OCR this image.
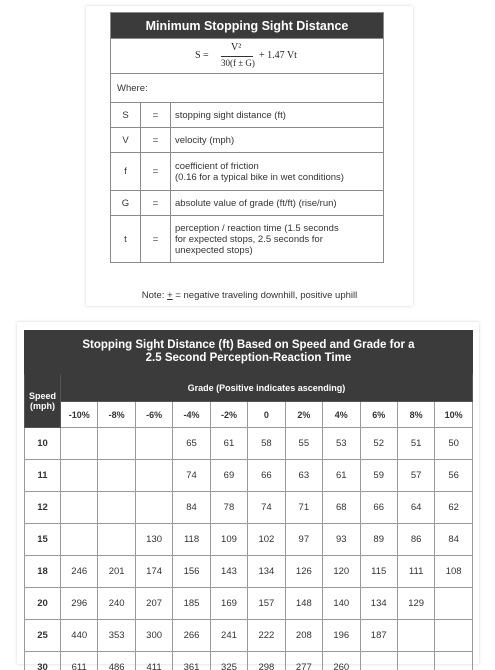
Minimum Stopping Sight Distance		

S =
V²
30(f ± G)
+ 1.47 Vt		

Where:		
S	=	stopping sight distance (ft)

V	=	velocity (mph)

f	=	coefficient of friction
(0.16 for a typical bike in wet conditions)

G	=	absolute value of grade (ft/ft) (rise/run)

t	=	perception / reaction time (1.5 seconds
for expected stops, 2.5 seconds for
unexpected stops)
Note: + = negative traveling downhill, positive uphill
Stopping Sight Distance (ft) Based on Speed and Grade for a
2.5 Second Perception-Reaction Time											

Speed
(mph)	Grade (Positive indicates ascending)										
	-10%	-8%	-6%	-4%	-2%	0	2%	4%	6%	8%	10%
10				65	61	58	55	53	52	51	50
11				74	69	66	63	61	59	57	56
12				84	78	74	71	68	66	64	62
15			130	118	109	102	97	93	89	86	84
18	246	201	174	156	143	134	126	120	115	111	108
20	296	240	207	185	169	157	148	140	134	129	
25	440	353	300	266	241	222	208	196	187		
30	611	486	411	361	325	298	277	260			
